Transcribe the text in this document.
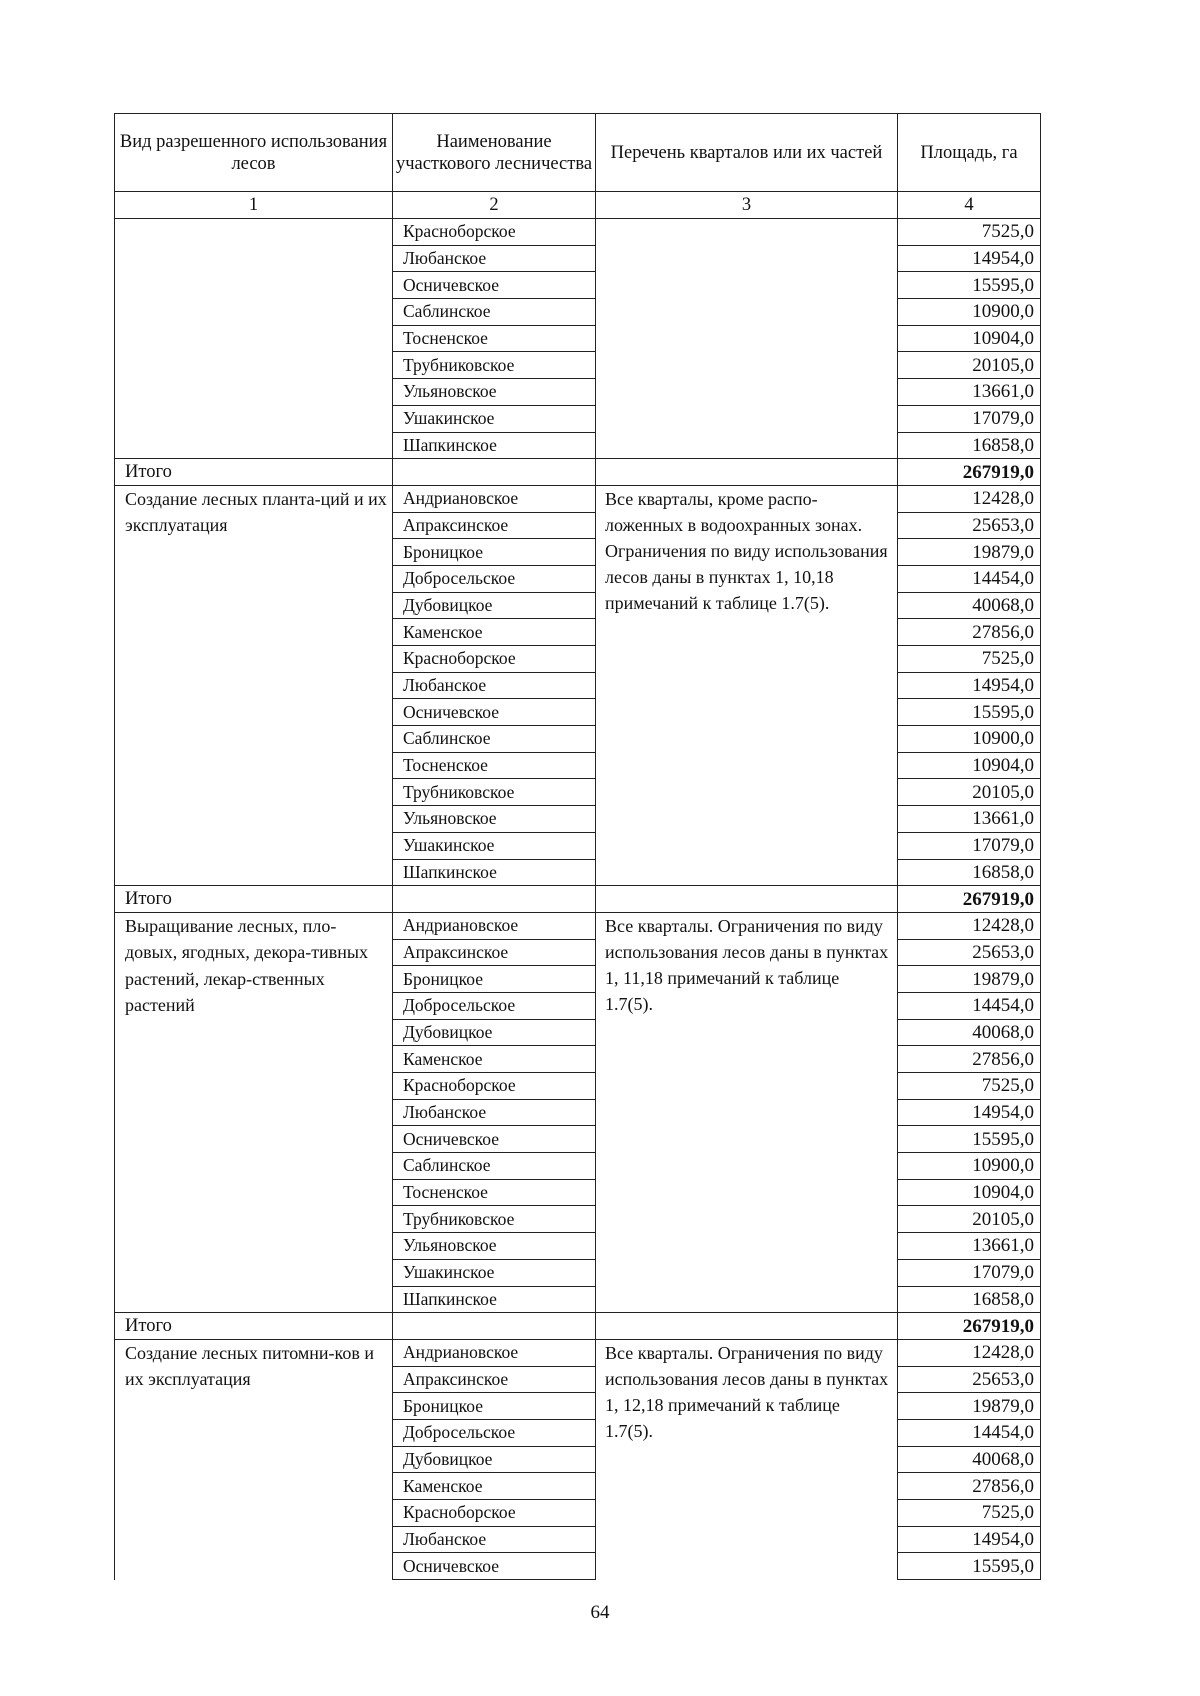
Вид разрешенного использования лесов	Наименование участкового лесничества	Перечень кварталов или их частей	Площадь, га
1	2	3	4
	Красноборское		7525,0
	Любанское		14954,0
	Осничевское		15595,0
	Саблинское		10900,0
	Тосненское		10904,0
	Трубниковское		20105,0
	Ульяновское		13661,0
	Ушакинское		17079,0
	Шапкинское		16858,0
Итого			267919,0
Создание лесных планта-ций и их эксплуатация	Андриановское	Все кварталы, кроме распо-ложенных в водоохранных зонах. Ограничения по виду использования лесов даны в пунктах 1, 10,18 примечаний к таблице 1.7(5).	12428,0
	Апраксинское		25653,0
	Броницкое		19879,0
	Добросельское		14454,0
	Дубовицкое		40068,0
	Каменское		27856,0
	Красноборское		7525,0
	Любанское		14954,0
	Осничевское		15595,0
	Саблинское		10900,0
	Тосненское		10904,0
	Трубниковское		20105,0
	Ульяновское		13661,0
	Ушакинское		17079,0
	Шапкинское		16858,0
Итого			267919,0
Выращивание лесных, пло-довых, ягодных, декора-тивных растений, лекар-ственных растений	Андриановское	Все кварталы. Ограничения по виду использования лесов даны в пунктах 1, 11,18 примечаний к таблице 1.7(5).	12428,0
	Апраксинское		25653,0
	Броницкое		19879,0
	Добросельское		14454,0
	Дубовицкое		40068,0
	Каменское		27856,0
	Красноборское		7525,0
	Любанское		14954,0
	Осничевское		15595,0
	Саблинское		10900,0
	Тосненское		10904,0
	Трубниковское		20105,0
	Ульяновское		13661,0
	Ушакинское		17079,0
	Шапкинское		16858,0
Итого			267919,0
Создание лесных питомни-ков и их эксплуатация	Андриановское	Все кварталы. Ограничения по виду использования лесов даны в пунктах 1, 12,18 примечаний к таблице 1.7(5).	12428,0
	Апраксинское		25653,0
	Броницкое		19879,0
	Добросельское		14454,0
	Дубовицкое		40068,0
	Каменское		27856,0
	Красноборское		7525,0
	Любанское		14954,0
	Осничевское		15595,0
64
